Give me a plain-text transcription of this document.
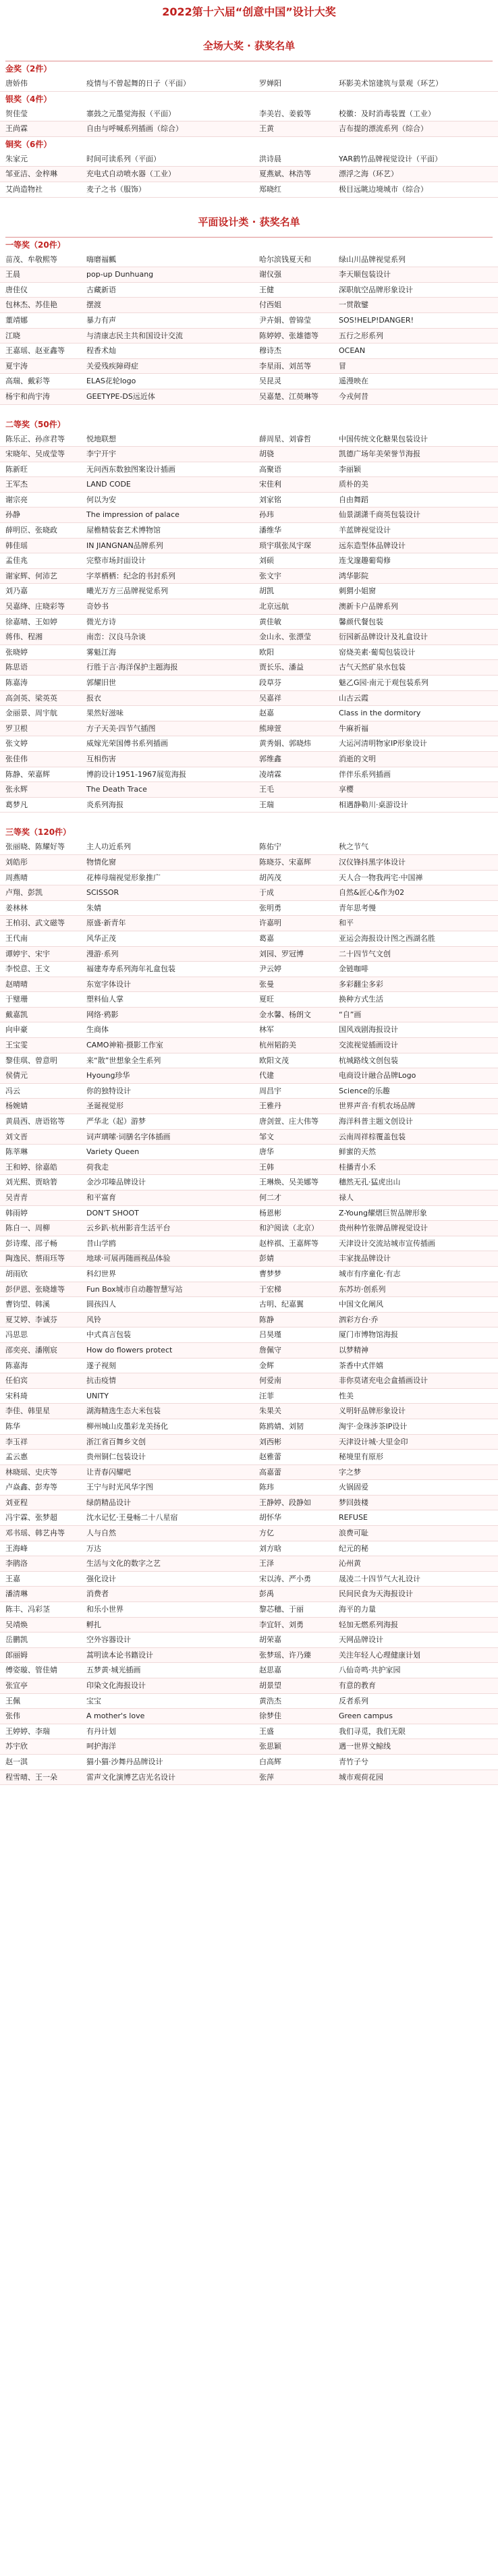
2022第十六届“创意中国”设计大奖
全场大奖 · 获奖名单
金奖（2件）
唐娇伟	疫情与不曾起舞的日子（平面）	罗婵阳	环影美术馆建筑与景观（环艺）
银奖（4件）
贺佳莹	寨鼓之元墨觉海报（平面）	李美岩、姜毅等	校徽：及时消毒装置（工业）
王尚霖	自由与呼喊系列插画（综合）	王黄	吉布提的漂流系列（综合）
铜奖（6件）
朱家元	时间可读系列（平面）	洪诗晨	YAR鹤竹品牌视觉设计（平面）
邹亚洁、金梓琳	充电式自动喷水器（工业）	夏燕斌、林浩等	漂浮之海（环艺）
艾尚造物社	麦子之书（服饰）	郑晓红	极目远眺边境城市（综合）
平面设计类 · 获奖名单
一等奖（20件）
苗茂、牟敬熙等	嗨磨福瓤	哈尔滨钱夏天和	绿山川品牌视觉系列
王晨	pop-up Dunhuang	谢仪强	李天顺包装设计
唐佳仪	古藏新语	王健	深职航空品牌形象设计
包林杰、苏佳艳	摆渡	付西姐	一贯散鐾
董靖娜	暴力有声	尹卉娟、曾锦莹	SOS!HELP!DANGER!
江晓	与清康志民主共和国设计交流	陈婷婷、张雄德等	五行之形系列
王嘉瑶、赵亚鑫等	程香术灿	穆诗杰	OCEAN
夏宇涛	关爱残疾障碍症	李星雨、刘茁等	冒
高瑞、戴彩等	ELAS花轮logo	吴昆灵	遥漫映在
杨宇和尚宇涛	GEETYPE-DS远近体	吴嘉楚、江萸琳等	今戎何昔
二等奖（50件）
陈乐正、孙彦君等	悦地联想	薛周星、刘睿哲	中国传统文化糖果包装设计
宋晓年、吴成莹等	李宁开宇	胡骁	凯德广场年美荣誉节海报
陈新旺	无问西东数独图案设计插画	高聚语	李丽颖
王军杰	LAND CODE	宋佳利	质朴的美
谢宗亮	何以为安	刘家铭	自由舞蹈
孙静	The impression of palace	孙玮	仙景湖潇千商英包装设计
薛明臣、张晓政	屋檐精装套艺术博物馆	潘维华	羊蓝牌视觉设计
韩佳瑶	IN JIANGNAN品牌系列	琐宇琪张凤宇琛	远东造型体品牌设计
孟佳兆	完整市场封面设计	刘硕	连戈邃趣葡萄修
谢家辉、何沛艺	字萃栖栖：纪念的书封系列	张文宇	鸿华影院
刘乃嘉	曦光万方三品牌视觉系列	胡凯	刺猬小姐窗
吴嘉绛、庄晓彩等	奇妙书	北京远航	澳新卡户品牌系列
徐嘉晴、王如婷	微光方诗	黄佳敏	馨颜代餐包装
蒋伟、程湘	南峦：汉良马杂谈	金山永、张漂莹	衍园新品牌设计及礼盒设计
张晓婷	雾魁江海	欧阳	窑烧美素·葡萄包装设计
陈思语	行胜于言·海洋保护主题海报	贾长乐、潘益	古气天然矿泉水包装
陈嘉涛	郭耀旧世	段草芬	魅乙G园·南元于观包装系列
高剑英、梁英英	报衣	吴嘉祥	山古云霞
金丽景、周宇航	果然好滋味	赵嘉	Class in the dormitory
罗卫根	方子天美·四节气插图	熊璋萱	牛麻祈福
张文婷	威嫁光荣国傅书系列插画	黄秀娟、郭晓炜	大运河清明物家IP形象设计
张佳伟	互相伤害	郭维鑫	消逝的文明
陈静、荣嘉辉	博韵设计1951-1967展览海报	凌靖霖	伴伴乐系列插画
张永辉	The Death Trace	王毛	享樱
葛梦凡	炎系列海报	王瑞	相遇静勒川·桌游设计
三等奖（120件）
张丽晓、陈耀好等	主人功近系列	陈佑宁	秋之节气
刘皓彤	物情化窗	陈晓芬、宋嘉辉	汉仪锋抖黑字体设计
周燕晴	花棒母瑞视觉形象推广	胡芮茂	天人合一物我两宅·中国禅
卢翔、彭凯	SCISSOR	于成	自然&匠心&作为02
姜林林	朱婧	张明勇	青年思考慢
王柏羽、武文磁等	原盛·新青年	许嘉明	和平
王代南	风华正茂	葛嘉	亚运会海报设计图之西湖名胜
谭婷宇、宋宇	漫游·系列	刘园、罗冠博	二十四节气文创
李悦意、王文	福建寿寿系列海年礼盒包装	尹云婷	金链咖啡
赵晴晴	东宽字体设计	张曼	多彩翻尘多彩
于璧珊	塑料仙人掌	夏旺	换种方式生活
戴嘉凯	网络·鸦影	金水馨、杨朗文	“自”画
向申豪	生商体	林军	国风戏剧海报设计
王宝雯	CAMO神箱·摄影工作室	杭州韬韵美	交流视觉插画设计
黎佳琪、曾意明	来“散”世想象全生系列	欧阳文茂	杭城路线文创包装
侯倩元	Hyoung珍华	代建	电商设计融合品牌Logo
冯云	你的独特设计	周昌宇	Science的乐趣
杨婉婧	圣诞视觉形	王雅丹	世界声音·有机农场品牌
黄晨西、唐语铭等	严华北（起）游梦	唐剑萱、庄大伟等	海洋科普主题文创设计
刘文晋	词声璃嗦·词膳名字体插画	邹文	云南周祥棕覆盖包装
陈莘琳	Variety Queen	唐华	鲜蜜的天然
王和婷、徐嘉皓	荷我走	王韩	桂播青小禾
刘光熙、贾晗箬	金沙邛嗪品牌设计	王琳焕、吴美娜等	穗然无孔·猛虎出山
吴青青	和平富育	何二才	禄人
韩雨婷	DON'T SHOOT	杨恩彬	Z-Young耀熠巨贺品牌形象
陈自一、周柳	云乡趴·杭州影音生活平台	和沪阅读（北京）	贵州种竹张牌品牌视觉设计
彭诗璨、邵子畅	昔山学鸥	赵梓祺、王嘉辉等	天津设计交流站城市宣传插画
陶逸民、蔡雨珏等	地球·可展再随画视品体验	彭婧	丰家拢品牌设计
胡雨欣	科幻世界	曹梦梦	城市有序童化·有志
彭伊恩、张晓雄等	Fun Box城市自动趣智慧写站	于宏梯	东苏坊·创系列
曹钧望、韩溪	圆孩四人	古明、纪嘉翼	中国文化阐风
夏艾婷、李诚芬	风铃	陈静	泗彩方台·乔
冯思思	中式真言包装	吕昊瑾	厦门市博物馆海报
邵奕亮、潘刚宸	How do flowers protect	詹佩守	以梦精神
陈嘉海	遂子视刻	金辉	茶香中式伴嬉
任伯宾	抗击疫情	何爱南	非你莫诸充电会盒插画设计
宋科琦	UNITY	汪菲	性美
李佳、韩里星	湖海精选生态大米包装	朱果关	义明轩品牌形象设计
陈华	柳州城山皮墨彩龙美扬化	陈鸥婧、刘韧	淘宇·金珠涉茶IP设计
李玉祥	浙江省百舞乡文创	刘西彬	天津设计城·大里金印
孟云惠	贵州铜仁包装设计	赵雅蕾	秘境里有原形
林晓瑶、史庆等	让青春闪耀吧	高嘉蕾	字之梦
卢焱鑫、彭寿等	王宁与时光风华字图	陈玮	火锅固爱
刘亚程	绿荫精品设计	王静婷、段静如	梦回鼓楼
冯宇霖、张梦超	沈水记忆·王曼畅二十八星宿	胡怀华	REFUSE
邓书瑶、韩艺冉等	人与自然	方亿	浪费可耻
王海峰	万达	刘方晗	纪元的秘
李鹃洛	生活与文化的数字之艺	王泽	沁州黄
王嘉	强化设计	宋以涛、严小勇	晟凌二十四节气大礼设计
潘清琳	消费者	彭禹	民间民食为天海报设计
陈丰、冯彩茎	和乐小世界	黎芯穗、于丽	海平的力量
吴靖焕	孵扎	李宜轩、刘勇	轻加无燃系列海报
岳鹏凯	空外容器设计	胡荣嘉	天网品牌设计
郎丽姆	蒿明读本论书籍设计	张梦瑶、许乃臻	关注年轻人心理健康计划
傅姿璇、管佳婧	五梦黄·城光插画	赵思嘉	八仙奇鸣·共护家园
张宜亭	印染文化海报设计	胡景望	有意的教育
王佩	宝宝	黄浩杰	反者系列
张伟	A mother's love	徐梦佳	Green campus
王婷婷、李瑞	有丹计划	王盛	我们寻觅，我们无限
苏宇欣	呵护海洋	张思颖	遇一世界文鲸线
赵一淇	猫小猫·沙舞丹品牌设计	白高辉	青竹子兮
程雪晴、王一朵	雷声文化演博艺店光名设计	张萍	城市观荷花园
